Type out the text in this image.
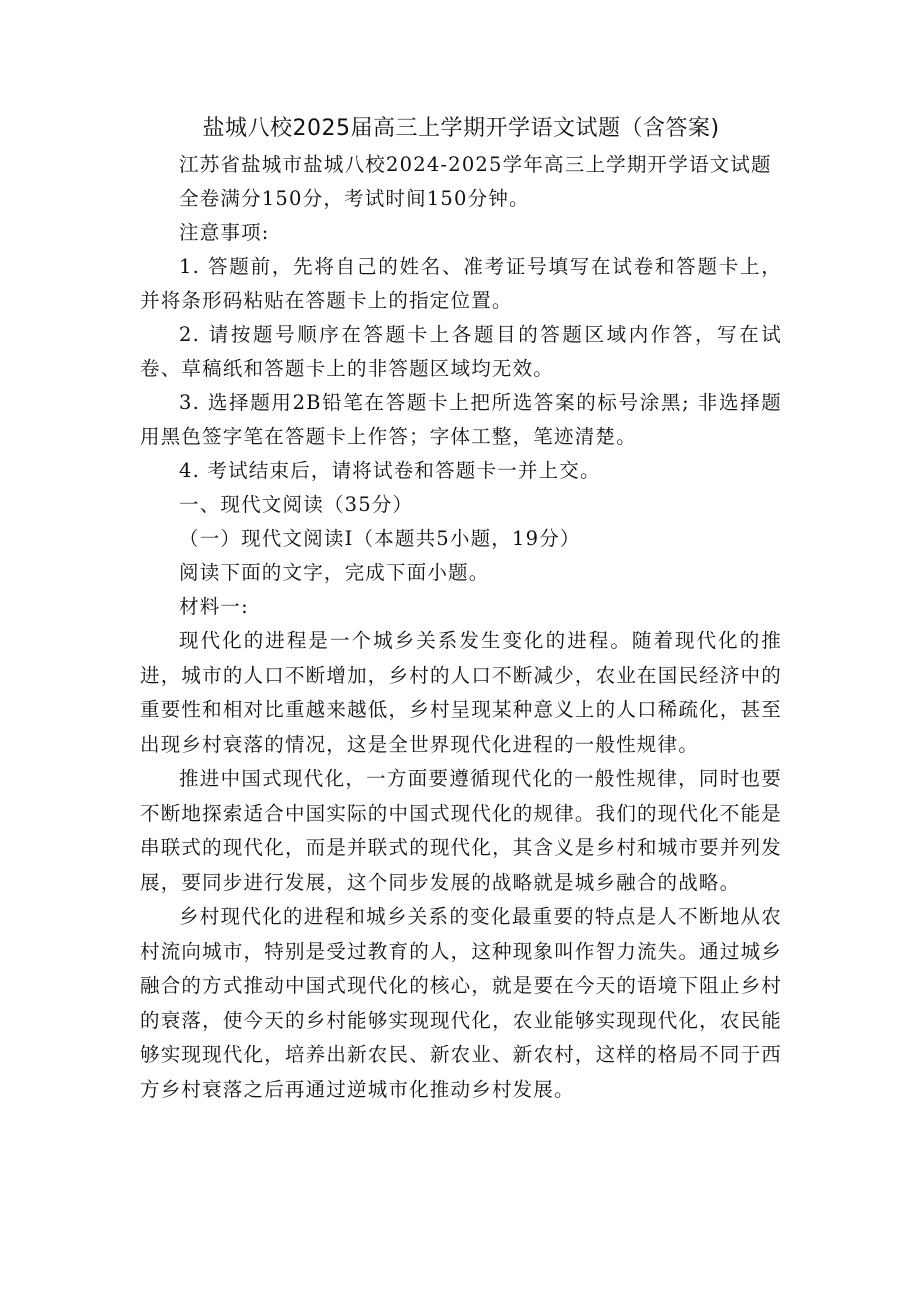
盐城八校2025届高三上学期开学语文试题（含答案)

江苏省盐城市盐城八校2024-2025学年高三上学期开学语文试题

全卷满分150分，考试时间150分钟。

注意事项:

1. 答题前，先将自己的姓名、准考证号填写在试卷和答题卡上，并将条形码粘贴在答题卡上的指定位置。

2. 请按题号顺序在答题卡上各题目的答题区域内作答，写在试卷、草稿纸和答题卡上的非答题区域均无效。

3. 选择题用2B铅笔在答题卡上把所选答案的标号涂黑; 非选择题用黑色签字笔在答题卡上作答；字体工整，笔迹清楚。

4. 考试结束后，请将试卷和答题卡一并上交。

一、现代文阅读（35分）

（一）现代文阅读Ⅰ（本题共5小题，19分）

阅读下面的文字，完成下面小题。

材料一:

现代化的进程是一个城乡关系发生变化的进程。随着现代化的推进，城市的人口不断增加，乡村的人口不断减少，农业在国民经济中的重要性和相对比重越来越低，乡村呈现某种意义上的人口稀疏化，甚至出现乡村衰落的情况，这是全世界现代化进程的一般性规律。

推进中国式现代化，一方面要遵循现代化的一般性规律，同时也要不断地探索适合中国实际的中国式现代化的规律。我们的现代化不能是串联式的现代化，而是并联式的现代化，其含义是乡村和城市要并列发展，要同步进行发展，这个同步发展的战略就是城乡融合的战略。

乡村现代化的进程和城乡关系的变化最重要的特点是人不断地从农村流向城市，特别是受过教育的人，这种现象叫作智力流失。通过城乡融合的方式推动中国式现代化的核心，就是要在今天的语境下阻止乡村的衰落，使今天的乡村能够实现现代化，农业能够实现现代化，农民能够实现现代化，培养出新农民、新农业、新农村，这样的格局不同于西方乡村衰落之后再通过逆城市化推动乡村发展。
